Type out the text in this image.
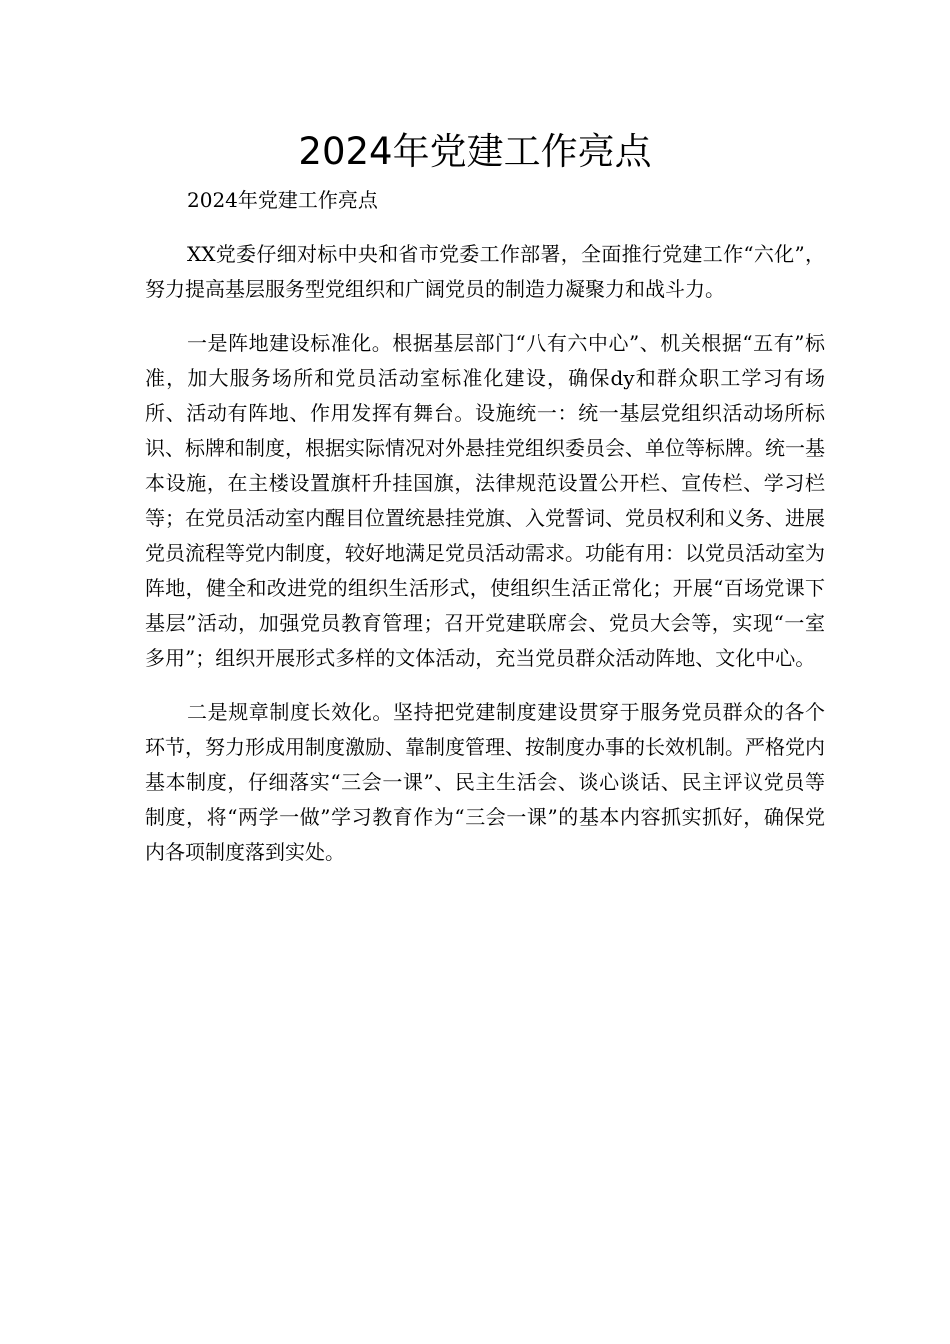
2024年党建工作亮点

2024年党建工作亮点

XX党委仔细对标中央和省市党委工作部署，全面推行党建工作“六化”，努力提高基层服务型党组织和广阔党员的制造力凝聚力和战斗力。

一是阵地建设标准化。根据基层部门“八有六中心”、机关根据“五有”标准，加大服务场所和党员活动室标准化建设，确保dy和群众职工学习有场所、活动有阵地、作用发挥有舞台。设施统一：统一基层党组织活动场所标识、标牌和制度，根据实际情况对外悬挂党组织委员会、单位等标牌。统一基本设施，在主楼设置旗杆升挂国旗，法律规范设置公开栏、宣传栏、学习栏等；在党员活动室内醒目位置统悬挂党旗、入党誓词、党员权利和义务、进展党员流程等党内制度，较好地满足党员活动需求。功能有用：以党员活动室为阵地，健全和改进党的组织生活形式，使组织生活正常化；开展“百场党课下基层”活动，加强党员教育管理；召开党建联席会、党员大会等，实现“一室多用”；组织开展形式多样的文体活动，充当党员群众活动阵地、文化中心。

二是规章制度长效化。坚持把党建制度建设贯穿于服务党员群众的各个环节，努力形成用制度激励、靠制度管理、按制度办事的长效机制。严格党内基本制度，仔细落实“三会一课”、民主生活会、谈心谈话、民主评议党员等制度，将“两学一做”学习教育作为“三会一课”的基本内容抓实抓好，确保党内各项制度落到实处。
